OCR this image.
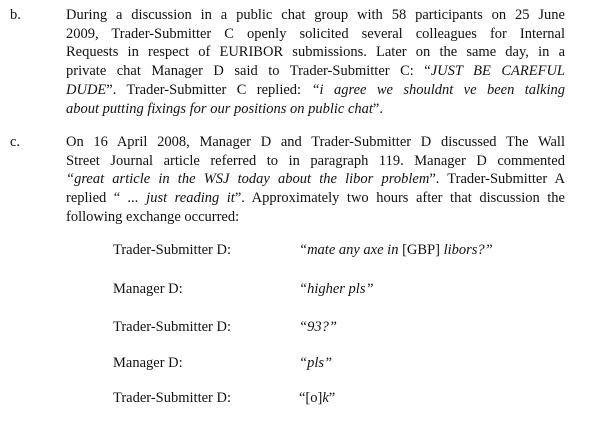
b.	During a discussion in a public chat group with 58 participants on 25 June
2009, Trader-Submitter C openly solicited several colleagues for Internal
Requests in respect of EURIBOR submissions. Later on the same day, in a
private chat Manager D said to Trader-Submitter C: “JUST BE CAREFUL
DUDE”. Trader-Submitter C replied: “i agree we shouldnt ve been talking
about putting fixings for our positions on public chat”.
c.	On 16 April 2008, Manager D and Trader-Submitter D discussed The Wall
Street Journal article referred to in paragraph 119. Manager D commented
“great article in the WSJ today about the libor problem”. Trader-Submitter A
replied “ ... just reading it”. Approximately two hours after that discussion the
following exchange occurred:
Trader-Submitter D:	“mate any axe in [GBP] libors?”
Manager D:	“higher pls”
Trader-Submitter D:	“93?”
Manager D:	“pls”
Trader-Submitter D:	“[o]k”
